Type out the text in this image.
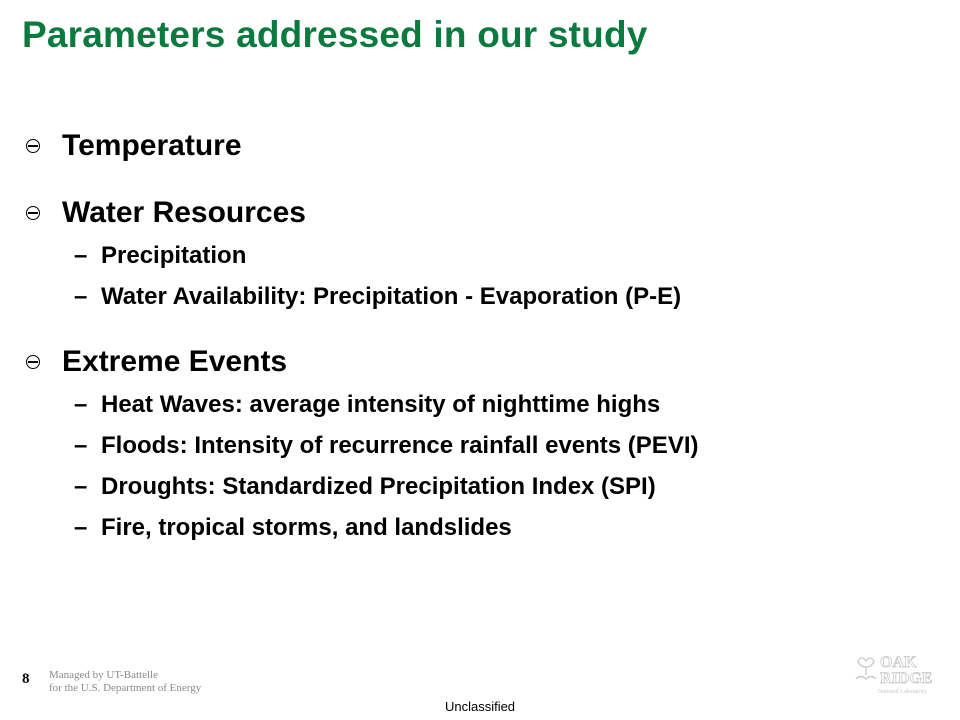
Parameters addressed in our study
Temperature
Water Resources
– Precipitation
– Water Availability: Precipitation - Evaporation (P-E)
Extreme Events
– Heat Waves: average intensity of nighttime highs
– Floods: Intensity of recurrence rainfall events (PEVI)
– Droughts: Standardized Precipitation Index (SPI)
– Fire, tropical storms, and landslides
8 Managed by UT-Battelle
for the U.S. Department of Energy
Unclassified
OAK
RIDGE
National Laboratory
